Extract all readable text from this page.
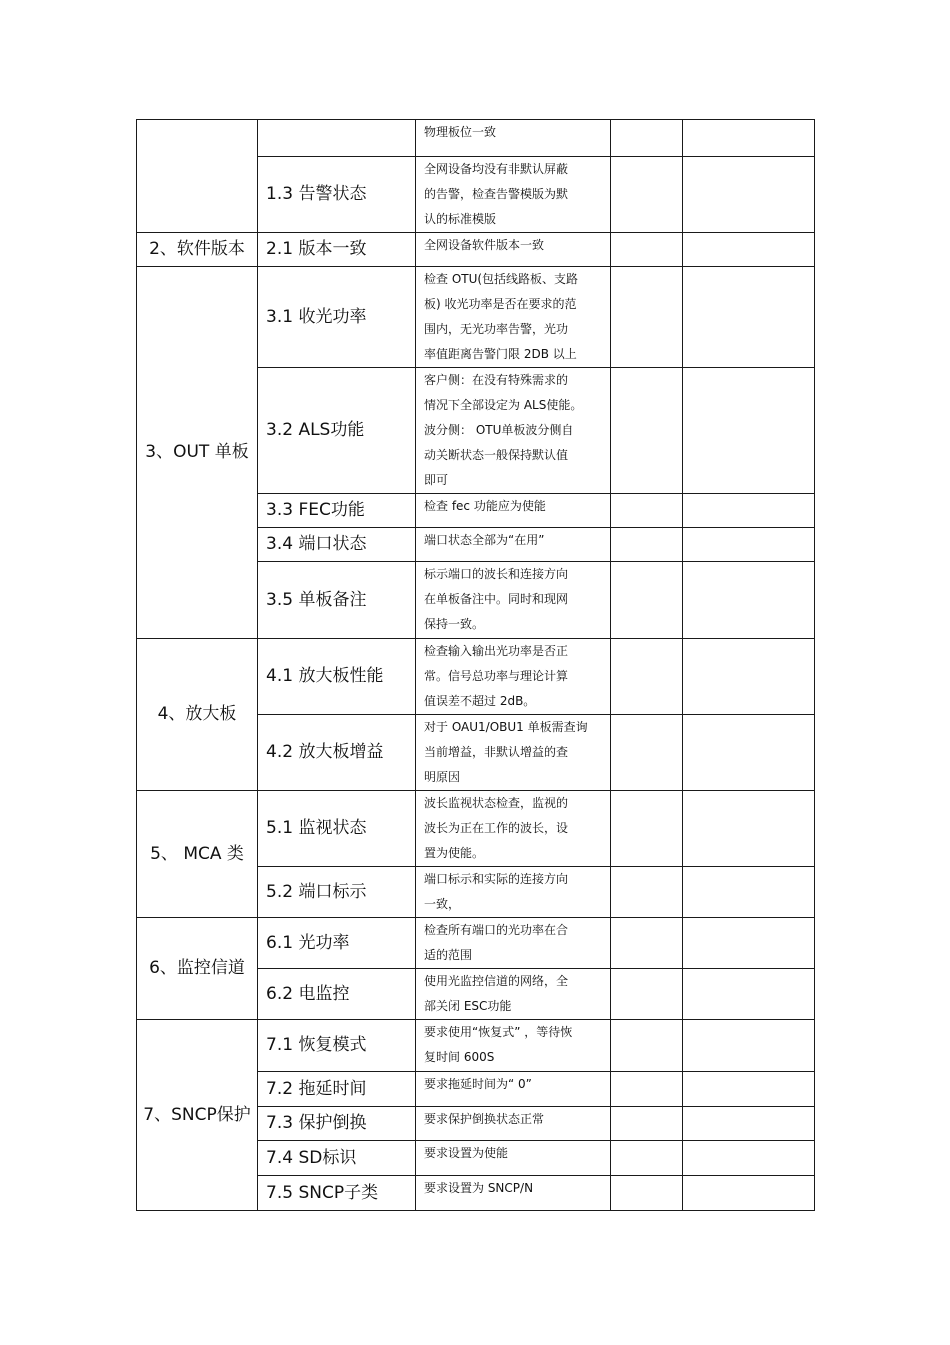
		物理板位一致		

	1.3 告警状态	全网设备均没有非默认屏蔽
的告警，检查告警模版为默
认的标准模版		

2、软件版本	2.1 版本一致	全网设备软件版本一致		

3、OUT 单板	3.1 收光功率	检查 OTU(包括线路板、支路
板) 收光功率是否在要求的范
围内，无光功率告警，光功
率值距离告警门限 2DB 以上		

	3.2 ALS功能	客户侧：在没有特殊需求的
情况下全部设定为 ALS使能。
波分侧： OTU单板波分侧自
动关断状态一般保持默认值
即可		

	3.3 FEC功能	检查 fec 功能应为使能		

	3.4 端口状态	端口状态全部为“在用”		

	3.5 单板备注	标示端口的波长和连接方向
在单板备注中。同时和现网
保持一致。		

4、放大板	4.1 放大板性能	检查输入输出光功率是否正
常。信号总功率与理论计算
值误差不超过 2dB。		

	4.2 放大板增益	对于 OAU1/OBU1 单板需查询
当前增益，非默认增益的查
明原因		

5、 MCA 类	5.1 监视状态	波长监视状态检查，监视的
波长为正在工作的波长，设
置为使能。		

	5.2 端口标示	端口标示和实际的连接方向
一致，		

6、监控信道	6.1 光功率	检查所有端口的光功率在合
适的范围		

	6.2 电监控	使用光监控信道的网络，全
部关闭 ESC功能		

7、SNCP保护	7.1 恢复模式	要求使用“恢复式” ，等待恢
复时间 600S		

	7.2 拖延时间	要求拖延时间为“ 0”		

	7.3 保护倒换	要求保护倒换状态正常		

	7.4 SD标识	要求设置为使能		

	7.5 SNCP子类	要求设置为 SNCP/N		
